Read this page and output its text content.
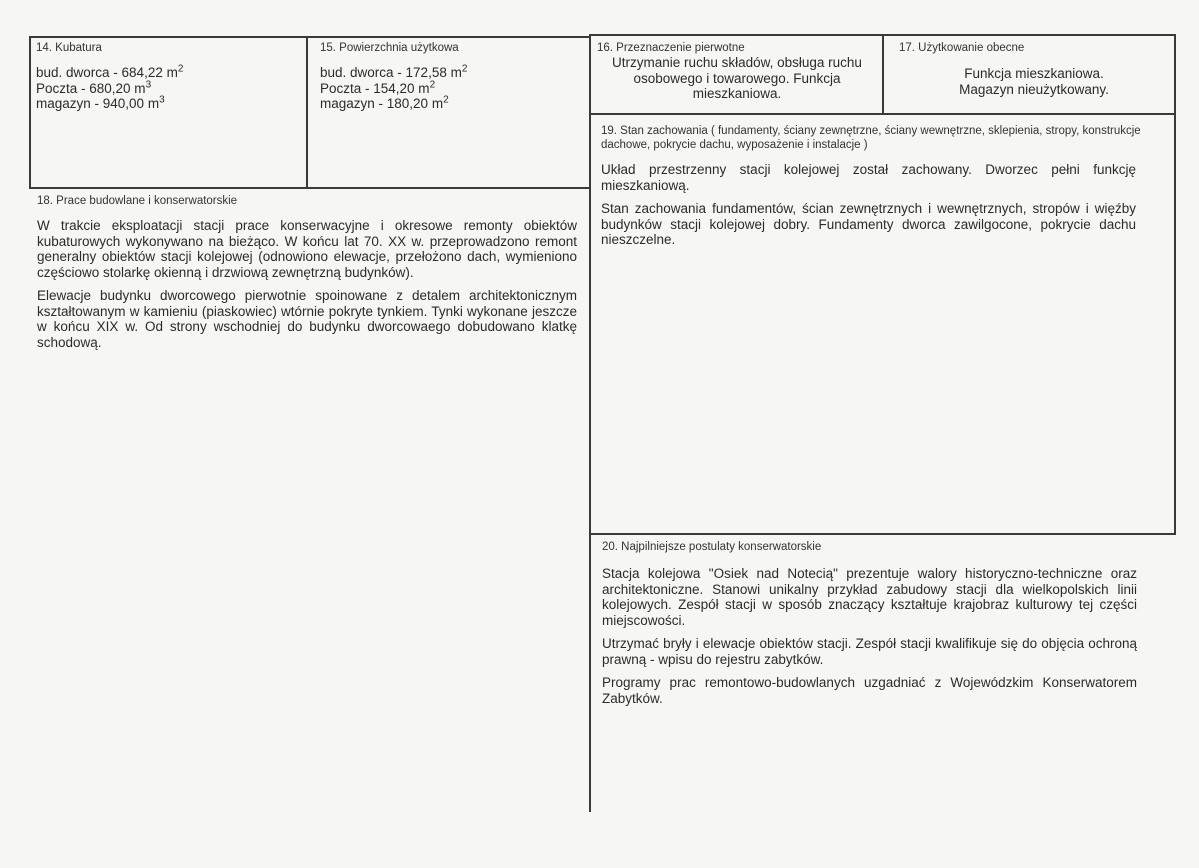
14. Kubatura
bud. dworca - 684,22 $m^2$
Poczta - 680,20 $m^3$
magazyn - 940,00 $m^3$
15. Powierzchnia użytkowa
bud. dworca - 172,58 $m^2$
Poczta - 154,20 $m^2$
magazyn - 180,20 $m^2$
16. Przeznaczenie pierwotne
Utrzymanie ruchu składów, obsługa ruchu osobowego i towarowego. Funkcja mieszkaniowa.
17. Użytkowanie obecne
Funkcja mieszkaniowa.
Magazyn nieużytkowany.
18. Prace budowlane i konserwatorskie

W trakcie eksploatacji stacji prace konserwacyjne i okresowe remonty obiektów kubaturowych wykonywano na bieżąco. W końcu lat 70. XX w. przeprowadzono remont generalny obiektów stacji kolejowej (odnowiono elewacje, przełożono dach, wymieniono częściowo stolarkę okienną i drzwiową zewnętrzną budynków).

Elewacje budynku dworcowego pierwotnie spoinowane z detalem architektonicznym kształtowanym w kamieniu (piaskowiec) wtórnie pokryte tynkiem. Tynki wykonane jeszcze w końcu XIX w. Od strony wschodniej do budynku dworcowaego dobudowano klatkę schodową.

19. Stan zachowania ( fundamenty, ściany zewnętrzne, ściany wewnętrzne, sklepienia, stropy, konstrukcje dachowe, pokrycie dachu, wyposażenie i instalacje )

Układ przestrzenny stacji kolejowej został zachowany. Dworzec pełni funkcję mieszkaniową.

Stan zachowania fundamentów, ścian zewnętrznych i wewnętrznych, stropów i więźby budynków stacji kolejowej dobry. Fundamenty dworca zawilgocone, pokrycie dachu nieszczelne.

20. Najpilniejsze postulaty konserwatorskie

Stacja kolejowa "Osiek nad Notecią" prezentuje walory historyczno-techniczne oraz architektoniczne. Stanowi unikalny przykład zabudowy stacji dla wielkopolskich linii kolejowych. Zespół stacji w sposób znaczący kształtuje krajobraz kulturowy tej części miejscowości.

Utrzymać bryły i elewacje obiektów stacji. Zespół stacji kwalifikuje się do objęcia ochroną prawną - wpisu do rejestru zabytków.

Programy prac remontowo-budowlanych uzgadniać z Wojewódzkim Konserwatorem Zabytków.
